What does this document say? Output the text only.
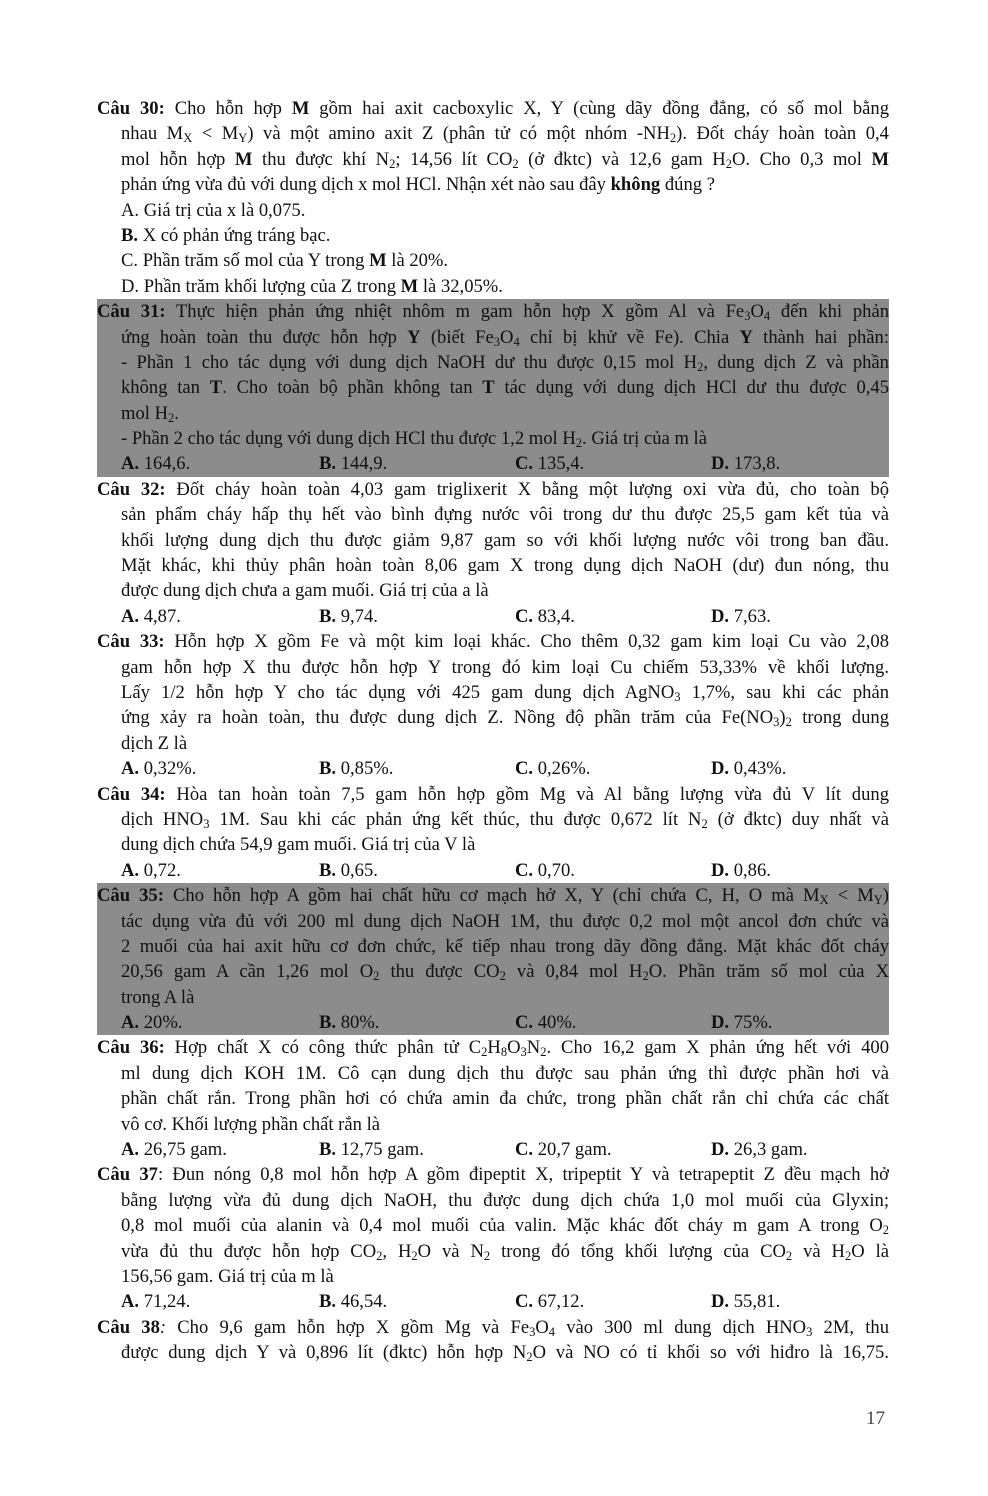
Câu 30: Cho hỗn hợp M gồm hai axit cacboxylic X, Y (cùng dãy đồng đẳng, có số mol bằng
nhau $M_X < M_Y$) và một amino axit Z (phân tử có một nhóm $-NH_2$). Đốt cháy hoàn toàn 0,4
mol hỗn hợp M thu được khí $N_2$; 14,56 lít $CO_2$ (ở đktc) và 12,6 gam $H_2O$. Cho 0,3 mol M
phản ứng vừa đủ với dung dịch x mol HCl. Nhận xét nào sau đây không đúng ?
A. Giá trị của x là 0,075.
B. X có phản ứng tráng bạc.
C. Phần trăm số mol của Y trong M là 20%.
D. Phần trăm khối lượng của Z trong M là 32,05%.
Câu 31: Thực hiện phản ứng nhiệt nhôm m gam hỗn hợp X gồm Al và $Fe_3O_4$ đến khi phản
ứng hoàn toàn thu được hỗn hợp Y (biết $Fe_3O_4$ chỉ bị khử về Fe). Chia Y thành hai phần:
- Phần 1 cho tác dụng với dung dịch NaOH dư thu được 0,15 mol $H_2$, dung dịch Z và phần
không tan T. Cho toàn bộ phần không tan T tác dụng với dung dịch HCl dư thu được 0,45
mol $H_2$.
- Phần 2 cho tác dụng với dung dịch HCl thu được 1,2 mol $H_2$. Giá trị của m là
A. 164,6.	B. 144,9.	C. 135,4.	D. 173,8.
Câu 32: Đốt cháy hoàn toàn 4,03 gam triglixerit X bằng một lượng oxi vừa đủ, cho toàn bộ
sản phẩm cháy hấp thụ hết vào bình đựng nước vôi trong dư thu được 25,5 gam kết tủa và
khối lượng dung dịch thu được giảm 9,87 gam so với khối lượng nước vôi trong ban đầu.
Mặt khác, khi thủy phân hoàn toàn 8,06 gam X trong dụng dịch NaOH (dư) đun nóng, thu
được dung dịch chưa a gam muối. Giá trị của a là
A. 4,87.	B. 9,74.	C. 83,4.	D. 7,63.
Câu 33: Hỗn hợp X gồm Fe và một kim loại khác. Cho thêm 0,32 gam kim loại Cu vào 2,08
gam hỗn hợp X thu được hỗn hợp Y trong đó kim loại Cu chiếm 53,33% về khối lượng.
Lấy 1/2 hỗn hợp Y cho tác dụng với 425 gam dung dịch AgNO$_3$ 1,7%, sau khi các phản
ứng xảy ra hoàn toàn, thu được dung dịch Z. Nồng độ phần trăm của $Fe(NO_3)_2$ trong dung
dịch Z là
A. 0,32%.	B. 0,85%.	C. 0,26%.	D. 0,43%.
Câu 34: Hòa tan hoàn toàn 7,5 gam hỗn hợp gồm Mg và Al bằng lượng vừa đủ V lít dung
dịch $HNO_3$ 1M. Sau khi các phản ứng kết thúc, thu được 0,672 lít $N_2$ (ở đktc) duy nhất và
dung dịch chứa 54,9 gam muối. Giá trị của V là
A. 0,72.	B. 0,65.	C. 0,70.	D. 0,86.
Câu 35: Cho hỗn hợp A gồm hai chất hữu cơ mạch hở X, Y (chỉ chứa C, H, O mà $M_X < M_Y$)
tác dụng vừa đủ với 200 ml dung dịch NaOH 1M, thu được 0,2 mol một ancol đơn chức và
2 muối của hai axit hữu cơ đơn chức, kế tiếp nhau trong dãy đồng đẳng. Mặt khác đốt cháy
20,56 gam A cần 1,26 mol $O_2$ thu được $CO_2$ và 0,84 mol $H_2O$. Phần trăm số mol của X
trong A là
A. 20%.	B. 80%.	C. 40%.	D. 75%.
Câu 36: Hợp chất X có công thức phân tử $C_2H_8O_3N_2$. Cho 16,2 gam X phản ứng hết với 400
ml dung dịch KOH 1M. Cô cạn dung dịch thu được sau phản ứng thì được phần hơi và
phần chất rắn. Trong phần hơi có chứa amin đa chức, trong phần chất rắn chỉ chứa các chất
vô cơ. Khối lượng phần chất rắn là
A. 26,75 gam.	B. 12,75 gam.	C. 20,7 gam.	D. 26,3 gam.
Câu 37: Đun nóng 0,8 mol hỗn hợp A gồm đipeptit X, tripeptit Y và tetrapeptit Z đều mạch hở
bằng lượng vừa đủ dung dịch NaOH, thu được dung dịch chứa 1,0 mol muối của Glyxin;
0,8 mol muối của alanin và 0,4 mol muối của valin. Mặc khác đốt cháy m gam A trong $O_2$
vừa đủ thu được hỗn hợp $CO_2$, $H_2O$ và $N_2$ trong đó tổng khối lượng của $CO_2$ và $H_2O$ là
156,56 gam. Giá trị của m là
A. 71,24.	B. 46,54.	C. 67,12.	D. 55,81.
Câu 38: Cho 9,6 gam hỗn hợp X gồm Mg và $Fe_3O_4$ vào 300 ml dung dịch $HNO_3$ 2M, thu
được dung dịch Y và 0,896 lít (đktc) hỗn hợp $N_2O$ và NO có tỉ khối so với hiđro là 16,75.
17
